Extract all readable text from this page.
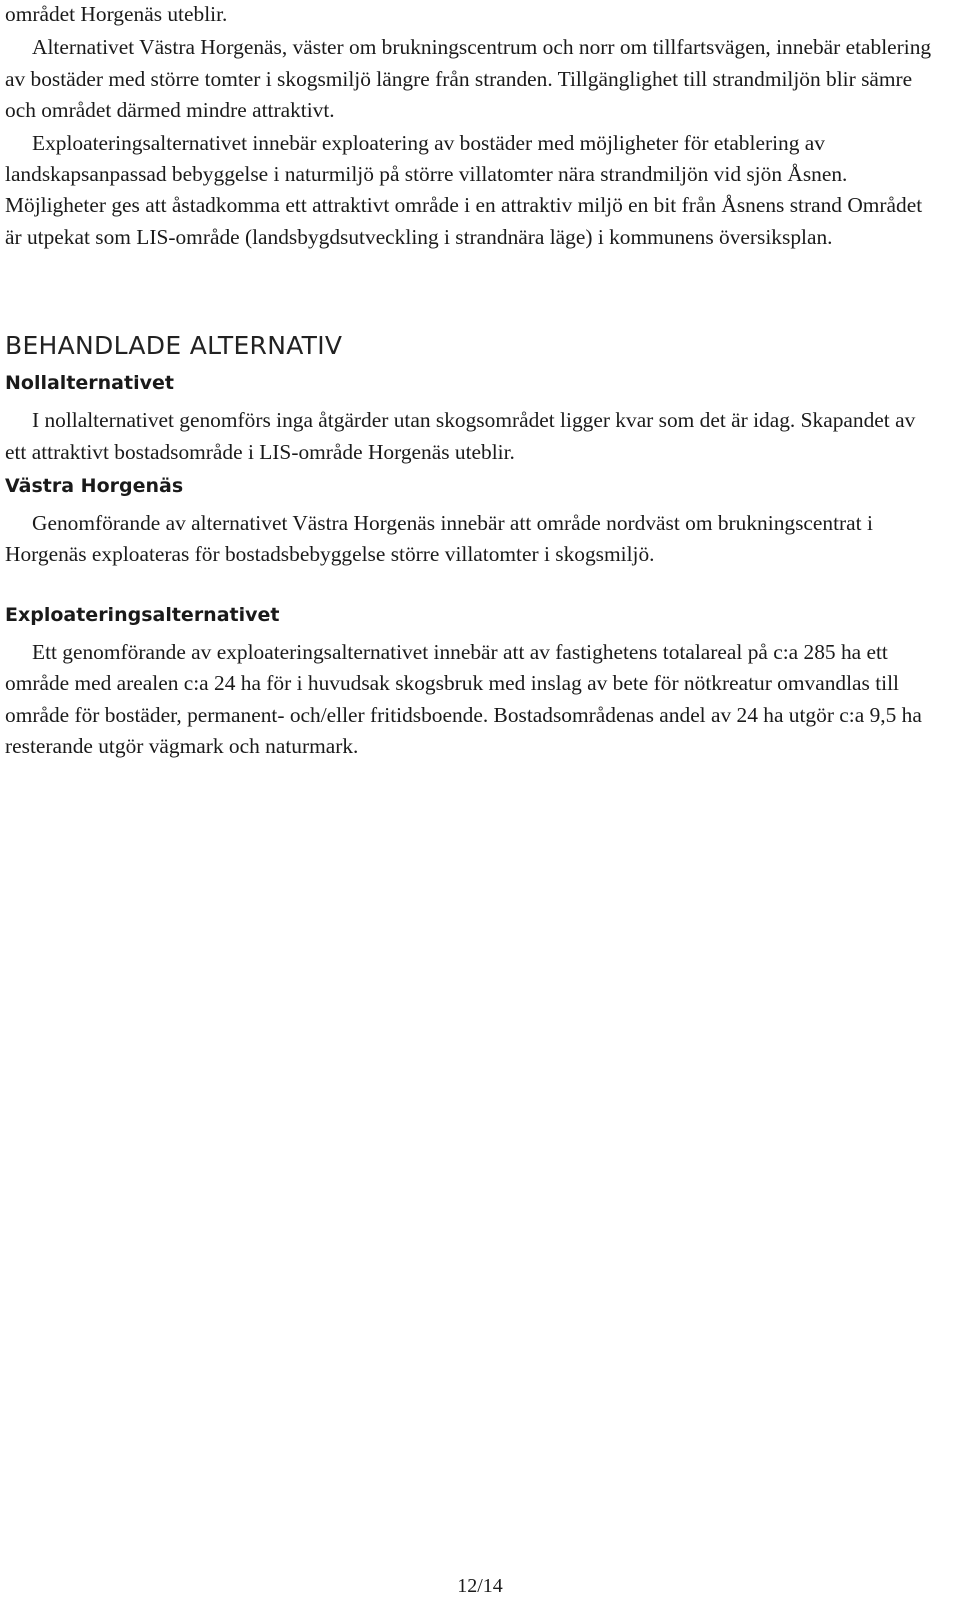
området Horgenäs uteblir.

Alternativet Västra Horgenäs, väster om brukningscentrum och norr om tillfartsvägen, innebär etablering av bostäder med större tomter i skogsmiljö längre från stranden. Tillgänglighet till strandmiljön blir sämre och området därmed mindre attraktivt.

Exploateringsalternativet innebär exploatering av bostäder med möjligheter för etablering av landskapsanpassad bebyggelse i naturmiljö på större villatomter nära strandmiljön vid sjön Åsnen. Möjligheter ges att åstadkomma ett attraktivt område i en attraktiv miljö en bit från Åsnens strand Området är utpekat som LIS-område (landsbygdsutveckling i strandnära läge) i kommunens översiksplan.

BEHANDLADE ALTERNATIV
Nollalternativet

I nollalternativet genomförs inga åtgärder utan skogsområdet ligger kvar som det är idag. Skapandet av ett attraktivt bostadsområde i LIS-område Horgenäs uteblir.

Västra Horgenäs

Genomförande av alternativet Västra Horgenäs innebär att område nordväst om brukningscentrat i Horgenäs exploateras för bostadsbebyggelse större villatomter i skogsmiljö.

Exploateringsalternativet

Ett genomförande av exploateringsalternativet innebär att av fastighetens totalareal på c:a 285 ha ett område med arealen c:a 24 ha för i huvudsak skogsbruk med inslag av bete för nötkreatur omvandlas till område för bostäder, permanent- och/eller fritidsboende. Bostadsområdenas andel av 24 ha utgör c:a 9,5 ha resterande utgör vägmark och naturmark.

12/14
